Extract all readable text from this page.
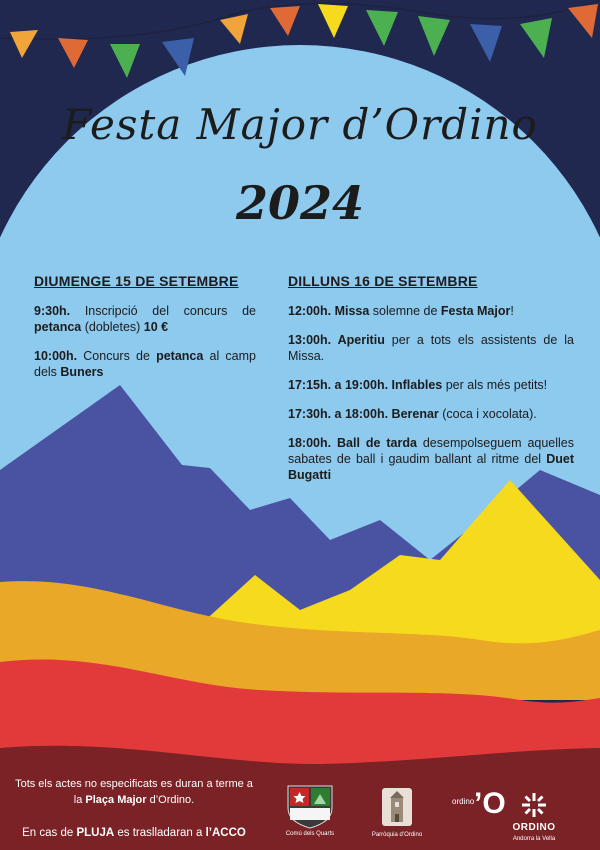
Festa Major d’Ordino
2024
DIUMENGE 15 DE SETEMBRE

9:30h. Inscripció del concurs de petanca (dobletes) 10 €

10:00h. Concurs de petanca al camp dels Buners

DILLUNS 16 DE SETEMBRE

12:00h. Missa solemne de Festa Major!

13:00h. Aperitiu per a tots els assistents de la Missa.

17:15h. a 19:00h. Inflables per als més petits!

17:30h. a 18:00h. Berenar (coca i xocolata).

18:00h. Ball de tarda desempolseguem aquelles sabates de ball i gaudim ballant al ritme del Duet Bugatti

Tots els actes no especificats es duran a terme a
la Plaça Major d’Ordino.
En cas de PLUJA es traslladaran a l’ACCO	Comú dels Quarts	Parròquia d’Ordino
ordino ’O
ORDINO
Andorra la Vella
